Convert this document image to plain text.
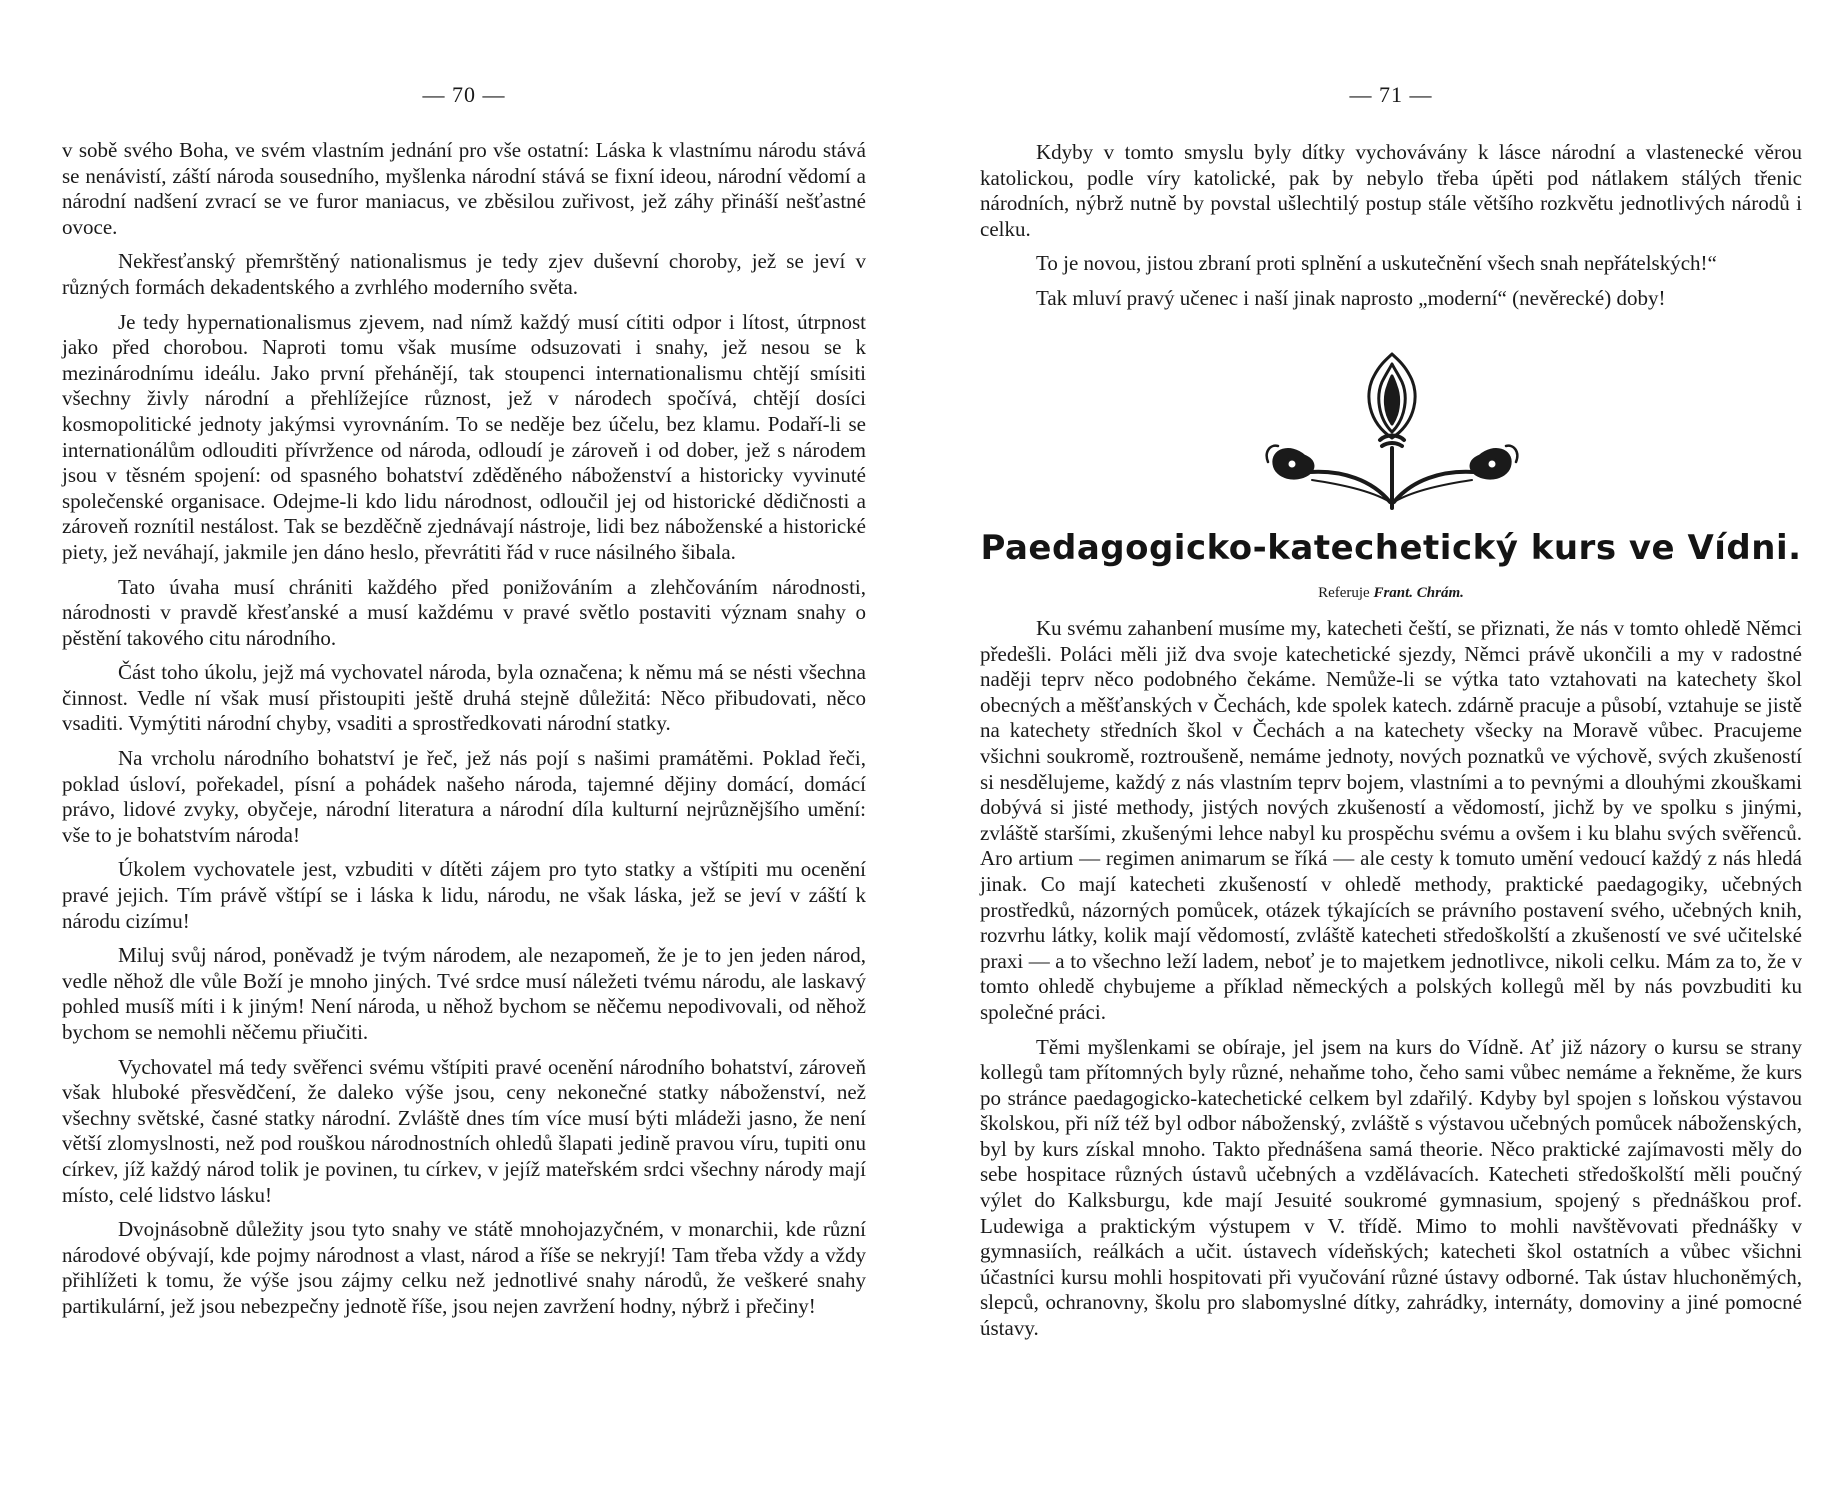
— 70 —

v sobě svého Boha, ve svém vlastním jednání pro vše ostatní: Láska k vlastnímu národu stává se nenávistí, záští národa sousedního, myšlenka národní stává se fixní ideou, národní vědomí a národní nadšení zvrací se ve furor maniacus, ve zběsilou zuřivost, jež záhy přináší nešťastné ovoce.

Nekřesťanský přemrštěný nationalismus je tedy zjev duševní choroby, jež se jeví v různých formách dekadentského a zvrhlého moderního světa.

Je tedy hypernationalismus zjevem, nad nímž každý musí cítiti odpor i lítost, útrpnost jako před chorobou. Naproti tomu však musíme odsuzovati i snahy, jež nesou se k mezinárodnímu ideálu. Jako první přehánějí, tak stoupenci internationalismu chtějí smísiti všechny živly národní a přehlížejíce různost, jež v národech spočívá, chtějí dosíci kosmopolitické jednoty jakýmsi vyrovnáním. To se neděje bez účelu, bez klamu. Podaří-li se internationálům odlouditi přívržence od národa, odloudí je zároveň i od dober, jež s národem jsou v těsném spojení: od spasného bohatství zděděného náboženství a historicky vyvinuté společenské organisace. Odejme-li kdo lidu národnost, odloučil jej od historické dědičnosti a zároveň roznítil nestálost. Tak se bezděčně zjednávají nástroje, lidi bez náboženské a historické piety, jež neváhají, jakmile jen dáno heslo, převrátiti řád v ruce násilného šibala.

Tato úvaha musí chrániti každého před ponižováním a zlehčováním národnosti, národnosti v pravdě křesťanské a musí každému v pravé světlo postaviti význam snahy o pěstění takového citu národního.

Část toho úkolu, jejž má vychovatel národa, byla označena; k němu má se nésti všechna činnost. Vedle ní však musí přistoupiti ještě druhá stejně důležitá: Něco přibudovati, něco vsaditi. Vymýtiti národní chyby, vsaditi a sprostředkovati národní statky.

Na vrcholu národního bohatství je řeč, jež nás pojí s našimi pramátěmi. Poklad řeči, poklad úsloví, pořekadel, písní a pohádek našeho národa, tajemné dějiny domácí, domácí právo, lidové zvyky, obyčeje, národní literatura a národní díla kulturní nejrůznějšího umění: vše to je bohatstvím národa!

Úkolem vychovatele jest, vzbuditi v dítěti zájem pro tyto statky a vštípiti mu ocenění pravé jejich. Tím právě vštípí se i láska k lidu, národu, ne však láska, jež se jeví v záští k národu cizímu!

Miluj svůj národ, poněvadž je tvým národem, ale nezapomeň, že je to jen jeden národ, vedle něhož dle vůle Boží je mnoho jiných. Tvé srdce musí náležeti tvému národu, ale laskavý pohled musíš míti i k jiným! Není národa, u něhož bychom se něčemu nepodivovali, od něhož bychom se nemohli něčemu přiučiti.

Vychovatel má tedy svěřenci svému vštípiti pravé ocenění národního bohatství, zároveň však hluboké přesvědčení, že daleko výše jsou, ceny nekonečné statky náboženství, než všechny světské, časné statky národní. Zvláště dnes tím více musí býti mládeži jasno, že není větší zlomyslnosti, než pod rouškou národnostních ohledů šlapati jedině pravou víru, tupiti onu církev, jíž každý národ tolik je povinen, tu církev, v jejíž mateřském srdci všechny národy mají místo, celé lidstvo lásku!

Dvojnásobně důležity jsou tyto snahy ve státě mnohojazyčném, v monarchii, kde různí národové obývají, kde pojmy národnost a vlast, národ a říše se nekryjí! Tam třeba vždy a vždy přihlížeti k tomu, že výše jsou zájmy celku než jednotlivé snahy národů, že veškeré snahy partikulární, jež jsou nebezpečny jednotě říše, jsou nejen zavržení hodny, nýbrž i přečiny!

— 71 —

Kdyby v tomto smyslu byly dítky vychovávány k lásce národní a vlastenecké věrou katolickou, podle víry katolické, pak by nebylo třeba úpěti pod nátlakem stálých třenic národních, nýbrž nutně by povstal ušlechtilý postup stále většího rozkvětu jednotlivých národů i celku.

To je novou, jistou zbraní proti splnění a uskutečnění všech snah nepřátelských!“

Tak mluví pravý učenec i naší jinak naprosto „moderní“ (nevěrecké) doby!

Paedagogicko-katechetický kurs ve Vídni.
Referuje Frant. Chrám.

Ku svému zahanbení musíme my, katecheti čeští, se přiznati, že nás v tomto ohledě Němci předešli. Poláci měli již dva svoje katechetické sjezdy, Němci právě ukončili a my v radostné naději teprv něco podobného čekáme. Nemůže-li se výtka tato vztahovati na katechety škol obecných a měšťanských v Čechách, kde spolek katech. zdárně pracuje a působí, vztahuje se jistě na katechety středních škol v Čechách a na katechety všecky na Moravě vůbec. Pracujeme všichni soukromě, roztroušeně, nemáme jednoty, nových poznatků ve výchově, svých zkušeností si nesdělujeme, každý z nás vlastním teprv bojem, vlastními a to pevnými a dlouhými zkouškami dobývá si jisté methody, jistých nových zkušeností a vědomostí, jichž by ve spolku s jinými, zvláště staršími, zkušenými lehce nabyl ku prospěchu svému a ovšem i ku blahu svých svěřenců. Aro artium — regimen animarum se říká — ale cesty k tomuto umění vedoucí každý z nás hledá jinak. Co mají katecheti zkušeností v ohledě methody, praktické paedagogiky, učebných prostředků, názorných pomůcek, otázek týkajících se právního postavení svého, učebných knih, rozvrhu látky, kolik mají vědomostí, zvláště katecheti středoškolští a zkušeností ve své učitelské praxi — a to všechno leží ladem, neboť je to majetkem jednotlivce, nikoli celku. Mám za to, že v tomto ohledě chybujeme a příklad německých a polských kollegů měl by nás povzbuditi ku společné práci.

Těmi myšlenkami se obíraje, jel jsem na kurs do Vídně. Ať již názory o kursu se strany kollegů tam přítomných byly různé, nehaňme toho, čeho sami vůbec nemáme a řekněme, že kurs po stránce paedagogicko-katechetické celkem byl zdařilý. Kdyby byl spojen s loňskou výstavou školskou, při níž též byl odbor náboženský, zvláště s výstavou učebných pomůcek náboženských, byl by kurs získal mnoho. Takto přednášena samá theorie. Něco praktické zajímavosti měly do sebe hospitace různých ústavů učebných a vzdělávacích. Katecheti středoškolští měli poučný výlet do Kalksburgu, kde mají Jesuité soukromé gymnasium, spojený s přednáškou prof. Ludewiga a praktickým výstupem v V. třídě. Mimo to mohli navštěvovati přednášky v gymnasiích, reálkách a učit. ústavech vídeňských; katecheti škol ostatních a vůbec všichni účastníci kursu mohli hospitovati při vyučování různé ústavy odborné. Tak ústav hluchoněmých, slepců, ochranovny, školu pro slabomyslné dítky, zahrádky, internáty, domoviny a jiné pomocné ústavy.
